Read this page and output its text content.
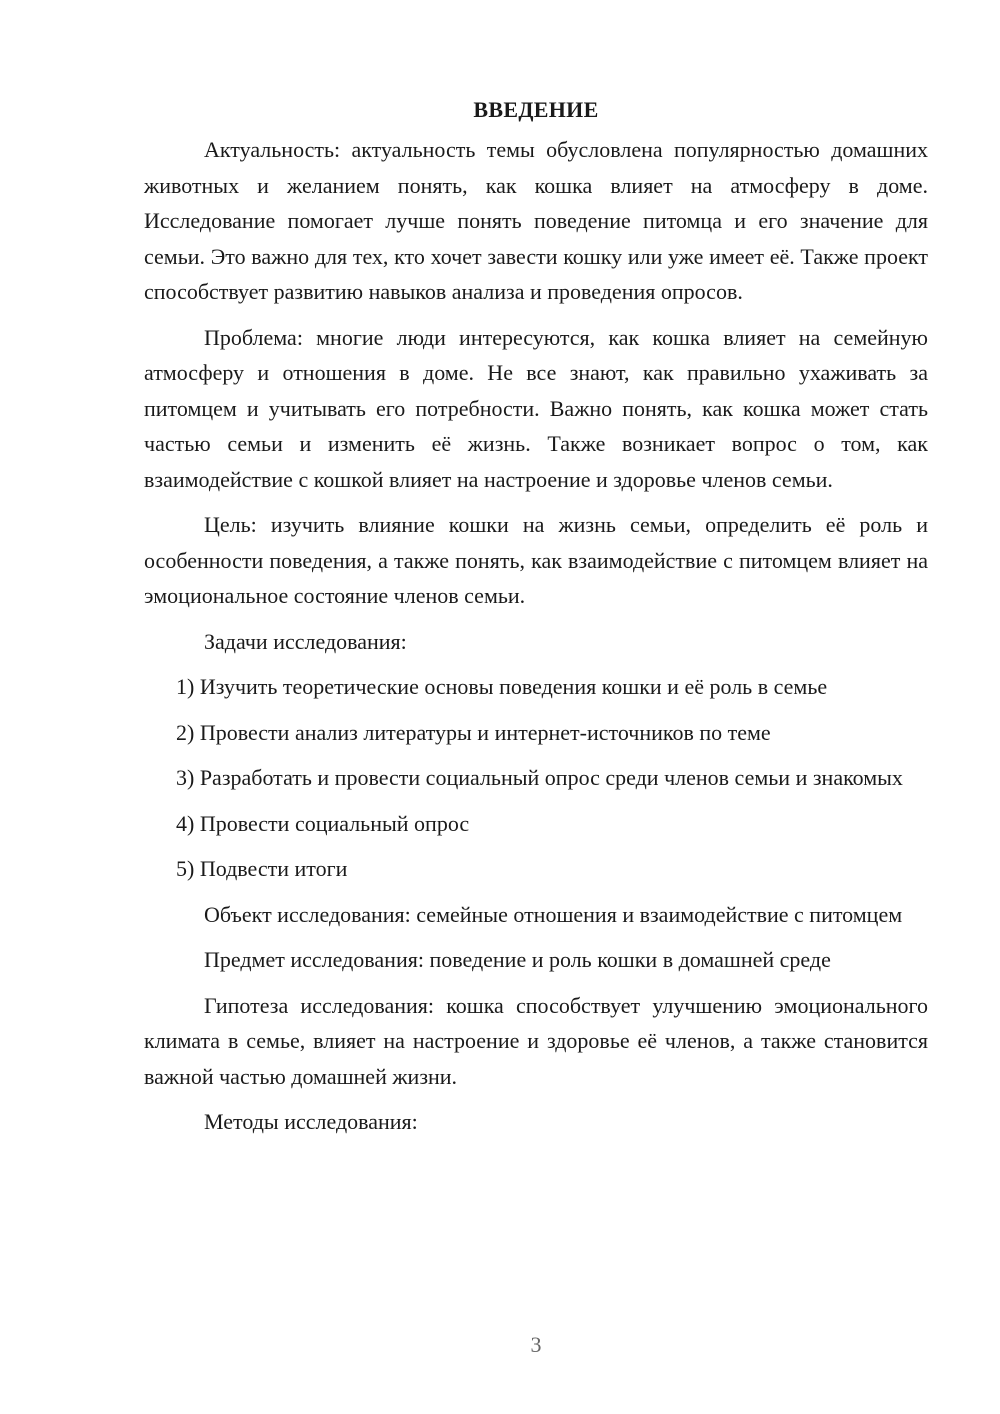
ВВЕДЕНИЕ

Актуальность: актуальность темы обусловлена популярностью домашних животных и желанием понять, как кошка влияет на атмосферу в доме. Исследование помогает лучше понять поведение питомца и его значение для семьи. Это важно для тех, кто хочет завести кошку или уже имеет её. Также проект способствует развитию навыков анализа и проведения опросов.

Проблема: многие люди интересуются, как кошка влияет на семейную атмосферу и отношения в доме. Не все знают, как правильно ухаживать за питомцем и учитывать его потребности. Важно понять, как кошка может стать частью семьи и изменить её жизнь. Также возникает вопрос о том, как взаимодействие с кошкой влияет на настроение и здоровье членов семьи.

Цель: изучить влияние кошки на жизнь семьи, определить её роль и особенности поведения, а также понять, как взаимодействие с питомцем влияет на эмоциональное состояние членов семьи.

Задачи исследования:

1) Изучить теоретические основы поведения кошки и её роль в семье

2) Провести анализ литературы и интернет-источников по теме

3) Разработать и провести социальный опрос среди членов семьи и знакомых

4) Провести социальный опрос

5) Подвести итоги

Объект исследования: семейные отношения и взаимодействие с питомцем

Предмет исследования: поведение и роль кошки в домашней среде

Гипотеза исследования: кошка способствует улучшению эмоционального климата в семье, влияет на настроение и здоровье её членов, а также становится важной частью домашней жизни.

Методы исследования:

3
